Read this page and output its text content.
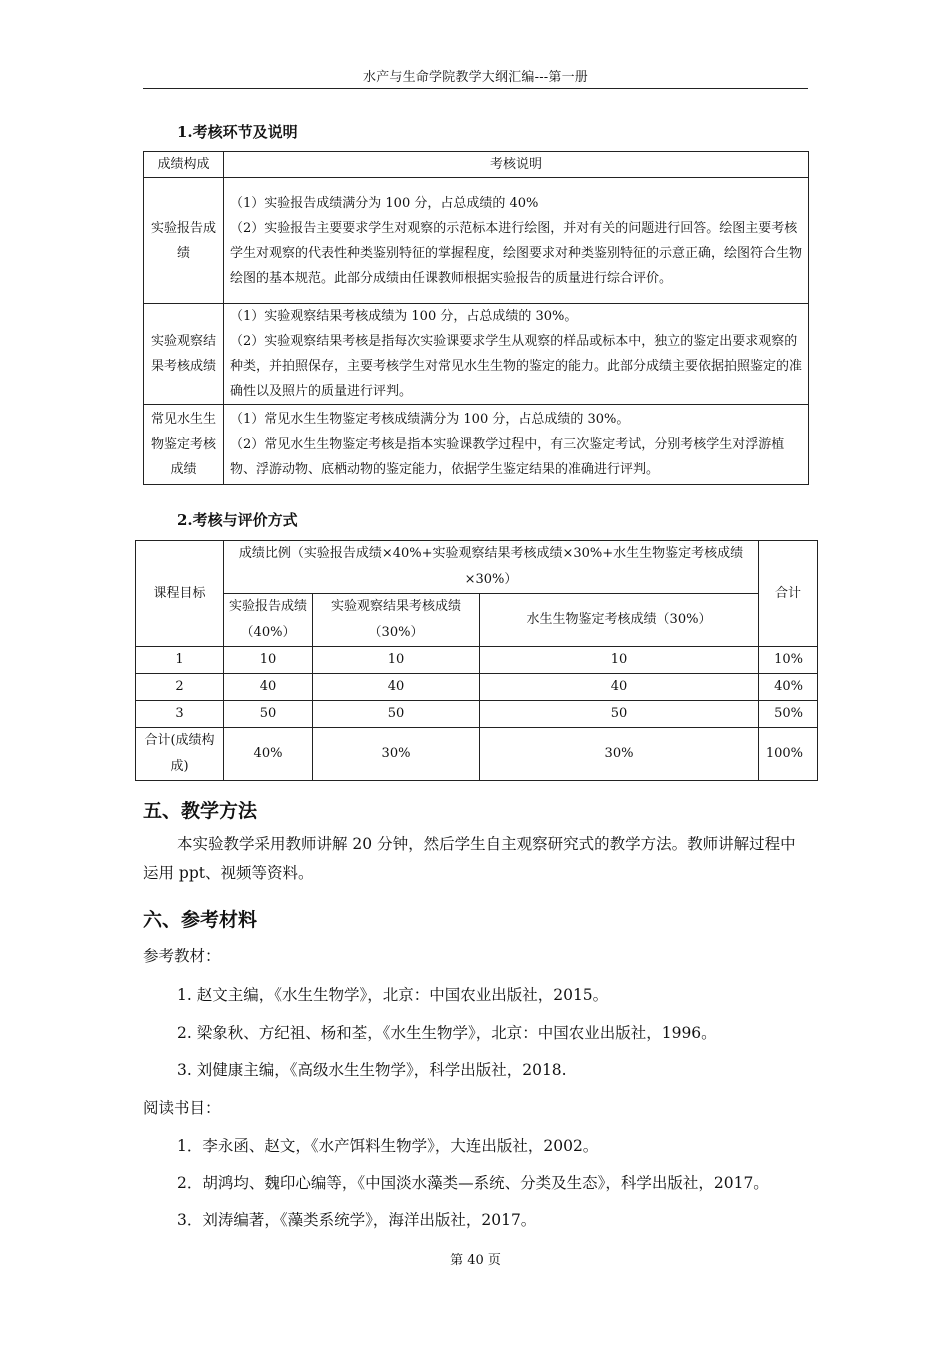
水产与生命学院教学大纲汇编---第一册
1.考核环节及说明
成绩构成	考核说明
实验报告成绩	（1）实验报告成绩满分为 100 分，占总成绩的 40%
（2）实验报告主要要求学生对观察的示范标本进行绘图，并对有关的问题进行回答。绘图主要考核学生对观察的代表性种类鉴别特征的掌握程度，绘图要求对种类鉴别特征的示意正确，绘图符合生物绘图的基本规范。此部分成绩由任课教师根据实验报告的质量进行综合评价。

实验观察结果考核成绩	（1）实验观察结果考核成绩为 100 分，占总成绩的 30%。
（2）实验观察结果考核是指每次实验课要求学生从观察的样品或标本中，独立的鉴定出要求观察的种类，并拍照保存，主要考核学生对常见水生生物的鉴定的能力。此部分成绩主要依据拍照鉴定的准确性以及照片的质量进行评判。

常见水生生物鉴定考核成绩	（1）常见水生生物鉴定考核成绩满分为 100 分，占总成绩的 30%。
（2）常见水生生物鉴定考核是指本实验课教学过程中，有三次鉴定考试，分别考核学生对浮游植物、浮游动物、底栖动物的鉴定能力，依据学生鉴定结果的准确进行评判。
2.考核与评价方式
课程目标	成绩比例（实验报告成绩×40%+实验观察结果考核成绩×30%+水生生物鉴定考核成绩×30%）			合计
	实验报告成绩（40%）	实验观察结果考核成绩（30%）	水生生物鉴定考核成绩（30%）	
1	10	10	10	10%
2	40	40	40	40%
3	50	50	50	50%
合计(成绩构成)	40%	30%	30%	100%
五、教学方法
本实验教学采用教师讲解 20 分钟，然后学生自主观察研究式的教学方法。教师讲解过程中运用 ppt、视频等资料。
六、参考材料
参考教材：
1. 赵文主编，《水生生物学》，北京：中国农业出版社，2015。
2. 梁象秋、方纪祖、杨和荃，《水生生物学》，北京：中国农业出版社，1996。
3. 刘健康主编，《高级水生生物学》，科学出版社，2018.
阅读书目：
1．李永函、赵文，《水产饵料生物学》，大连出版社，2002。
2．胡鸿均、魏印心编等，《中国淡水藻类—系统、分类及生态》，科学出版社，2017。
3．刘涛编著，《藻类系统学》，海洋出版社，2017。
第 40 页
